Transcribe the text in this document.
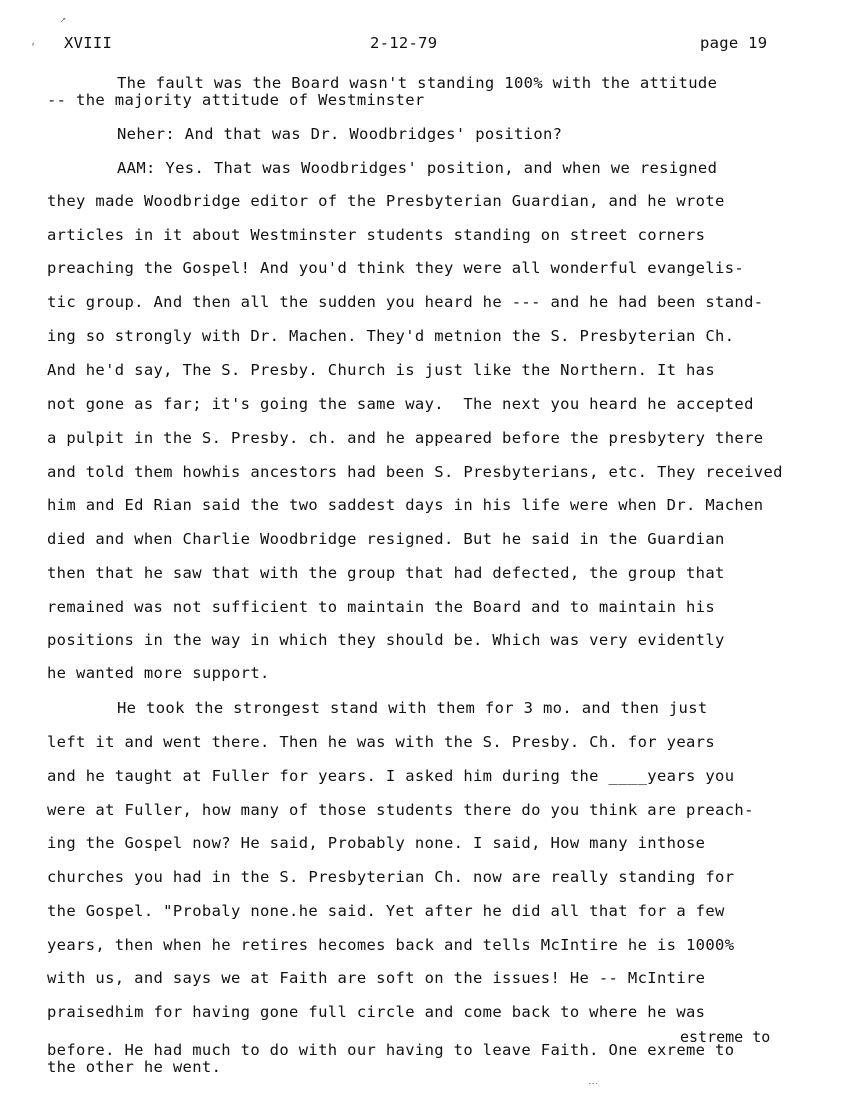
XVIII	2-12-79	page 19
The fault was the Board wasn't standing 100% with the attitude
-- the majority attitude of Westminster
Neher: And that was Dr. Woodbridges' position?
AAM: Yes. That was Woodbridges' position, and when we resigned
they made Woodbridge editor of the Presbyterian Guardian, and he wrote
articles in it about Westminster students standing on street corners
preaching the Gospel! And you'd think they were all wonderful evangelis-
tic group. And then all the sudden you heard he --- and he had been stand-
ing so strongly with Dr. Machen. They'd metnion the S. Presbyterian Ch.
And he'd say, The S. Presby. Church is just like the Northern. It has
not gone as far; it's going the same way.  The next you heard he accepted
a pulpit in the S. Presby. ch. and he appeared before the presbytery there
and told them howhis ancestors had been S. Presbyterians, etc. They received
him and Ed Rian said the two saddest days in his life were when Dr. Machen
died and when Charlie Woodbridge resigned. But he said in the Guardian
then that he saw that with the group that had defected, the group that
remained was not sufficient to maintain the Board and to maintain his
positions in the way in which they should be. Which was very evidently
he wanted more support.
He took the strongest stand with them for 3 mo. and then just
left it and went there. Then he was with the S. Presby. Ch. for years
and he taught at Fuller for years. I asked him during the ____years you
were at Fuller, how many of those students there do you think are preach-
ing the Gospel now? He said, Probably none. I said, How many inthose
churches you had in the S. Presbyterian Ch. now are really standing for
the Gospel. "Probaly none.he said. Yet after he did all that for a few
years, then when he retires hecomes back and tells McIntire he is 1000%
with us, and says we at Faith are soft on the issues! He -- McIntire
praisedhim for having gone full circle and come back to where he was
before. He had much to do with our having to leave Faith. One exreme to
the other he went.
estreme to
↗
‘
․․․
